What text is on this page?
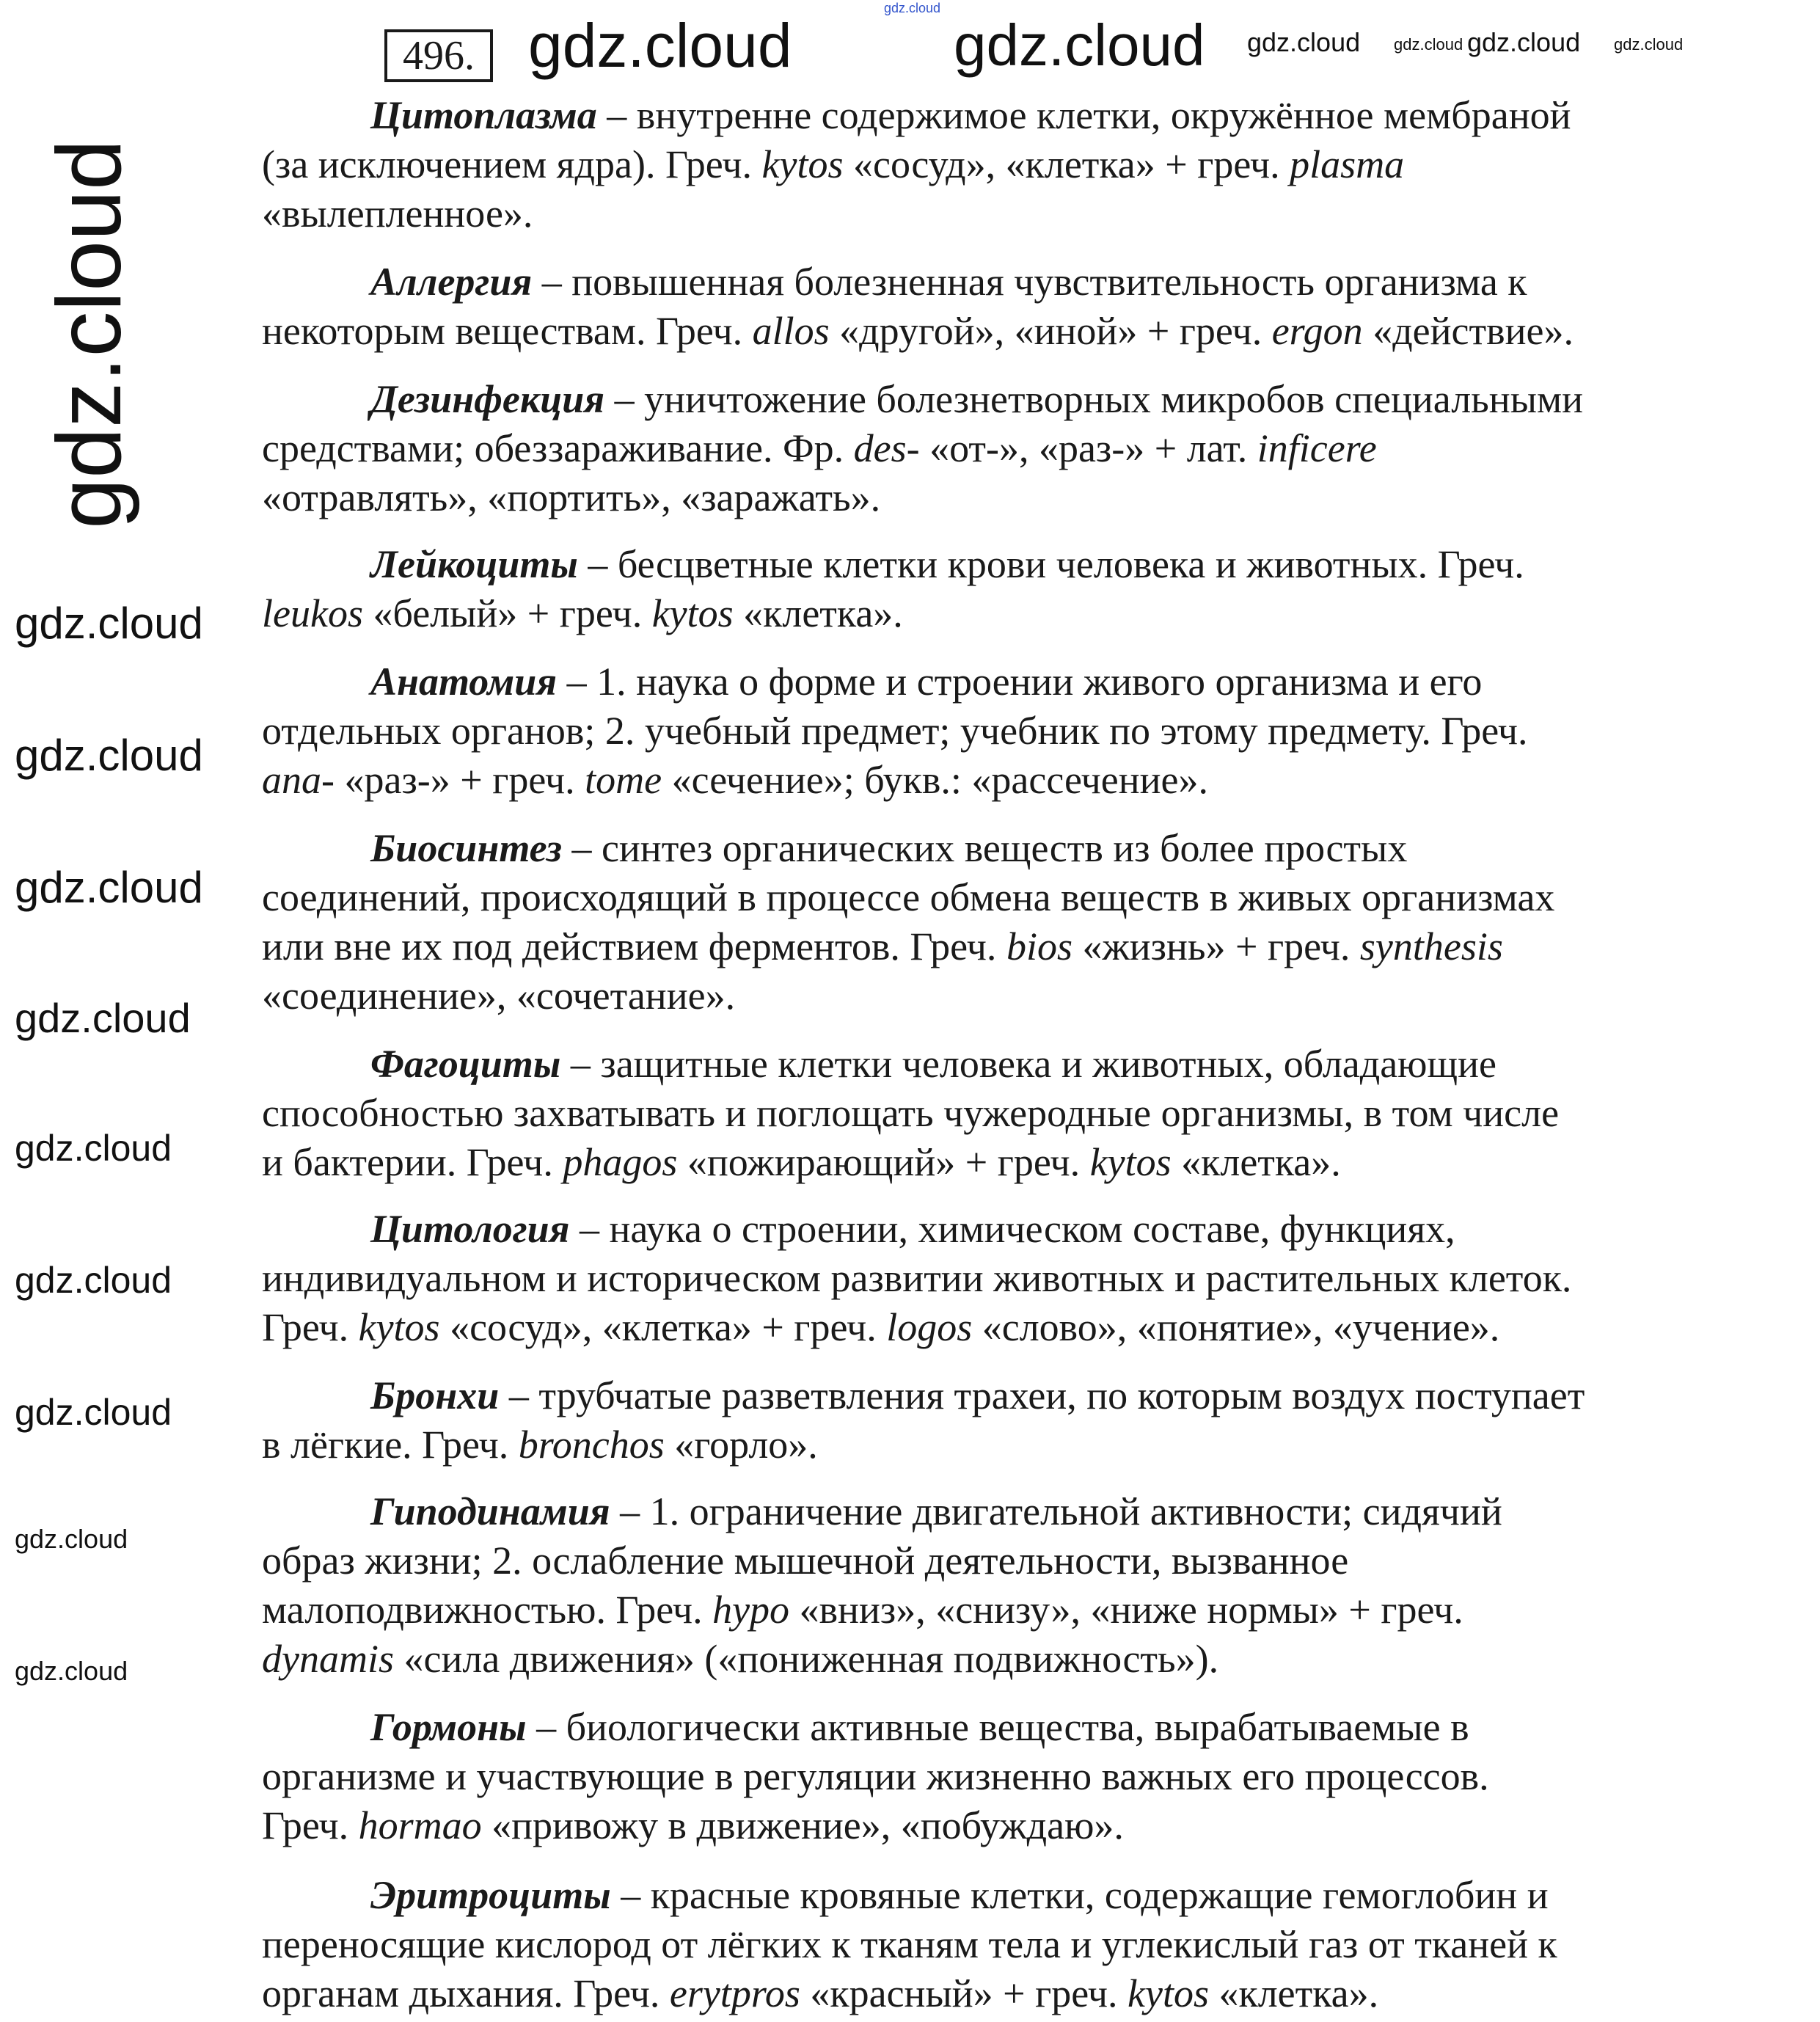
496.
Цитоплазма – внутренне содержимое клетки, окружённое мембраной
(за исключением ядра). Греч. kytos «сосуд», «клетка» + греч. plasma
«вылепленное».
Аллергия – повышенная болезненная чувствительность организма к
некоторым веществам. Греч. allos «другой», «иной» + греч. ergon «действие».
Дезинфекция – уничтожение болезнетворных микробов специальными
средствами; обеззараживание. Фр. des- «от-», «раз-» + лат. inficere
«отравлять», «портить», «заражать».
Лейкоциты – бесцветные клетки крови человека и животных. Греч.
leukos «белый» + греч. kytos «клетка».
Анатомия – 1. наука о форме и строении живого организма и его
отдельных органов; 2. учебный предмет; учебник по этому предмету. Греч.
ana- «раз-» + греч. tome «сечение»; букв.: «рассечение».
Биосинтез – синтез органических веществ из более простых
соединений, происходящий в процессе обмена веществ в живых организмах
или вне их под действием ферментов. Греч. bios «жизнь» + греч. synthesis
«соединение», «сочетание».
Фагоциты – защитные клетки человека и животных, обладающие
способностью захватывать и поглощать чужеродные организмы, в том числе
и бактерии. Греч. phagos «пожирающий» + греч. kytos «клетка».
Цитология – наука о строении, химическом составе, функциях,
индивидуальном и историческом развитии животных и растительных клеток.
Греч. kytos «сосуд», «клетка» + греч. logos «слово», «понятие», «учение».
Бронхи – трубчатые разветвления трахеи, по которым воздух поступает
в лёгкие. Греч. bronchos «горло».
Гиподинамия – 1. ограничение двигательной активности; сидячий
образ жизни; 2. ослабление мышечной деятельности, вызванное
малоподвижностью. Греч. hypo «вниз», «снизу», «ниже нормы» + греч.
dynamis «сила движения» («пониженная подвижность»).
Гормоны – биологически активные вещества, вырабатываемые в
организме и участвующие в регуляции жизненно важных его процессов.
Греч. hormao «привожу в движение», «побуждаю».
Эритроциты – красные кровяные клетки, содержащие гемоглобин и
переносящие кислород от лёгких к тканям тела и углекислый газ от тканей к
органам дыхания. Греч. erytpros «красный» + греч. kytos «клетка».
gdz.cloud
gdz.cloud gdz.cloud gdz.cloud
gdz.cloud
gdz.cloud
gdz.cloud
gdz.cloud
gdz.cloud
gdz.cloud
gdz.cloud
gdz.cloud
gdz.cloud
gdz.cloud
gdz.cloud
gdz.cloud
gdz.cloud
